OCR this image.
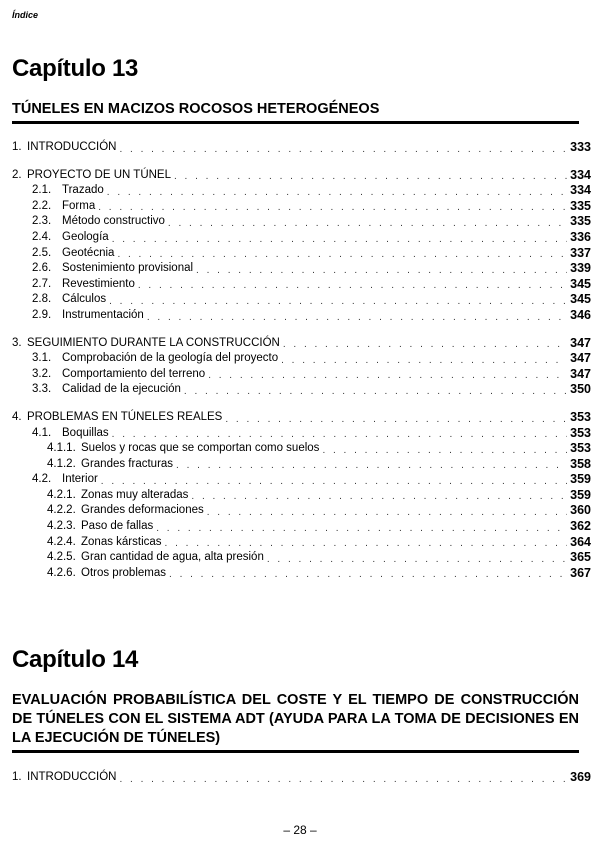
Índice
Capítulo 13
TÚNELES EN MACIZOS ROCOSOS HETEROGÉNEOS
1. INTRODUCCIÓN . . .	333
2. PROYECTO DE UN TÚNEL . . .	334
2.1. Trazado . . .	334
2.2. Forma . . .	335
2.3. Método constructivo . . .	335
2.4. Geología . . .	336
2.5. Geotécnia . . .	337
2.6. Sostenimiento provisional . . .	339
2.7. Revestimiento . . .	345
2.8. Cálculos . . .	345
2.9. Instrumentación . . .	346
3. SEGUIMIENTO DURANTE LA CONSTRUCCIÓN . . .	347
3.1. Comprobación de la geología del proyecto . . .	347
3.2. Comportamiento del terreno . . .	347
3.3. Calidad de la ejecución . . .	350
4. PROBLEMAS EN TÚNELES REALES . . .	353
4.1. Boquillas . . .	353
4.1.1. Suelos y rocas que se comportan como suelos . . .	353
4.1.2. Grandes fracturas . . .	358
4.2. Interior . . .	359
4.2.1. Zonas muy alteradas . . .	359
4.2.2. Grandes deformaciones . . .	360
4.2.3. Paso de fallas . . .	362
4.2.4. Zonas kársticas . . .	364
4.2.5. Gran cantidad de agua, alta presión . . .	365
4.2.6. Otros problemas . . .	367
Capítulo 14
EVALUACIÓN PROBABILÍSTICA DEL COSTE Y EL TIEMPO DE CONSTRUCCIÓN DE TÚNELES CON EL SISTEMA ADT (AYUDA PARA LA TOMA DE DECISIONES EN LA EJECUCIÓN DE TÚNELES)
1. INTRODUCCIÓN . . .	369
– 28 –
